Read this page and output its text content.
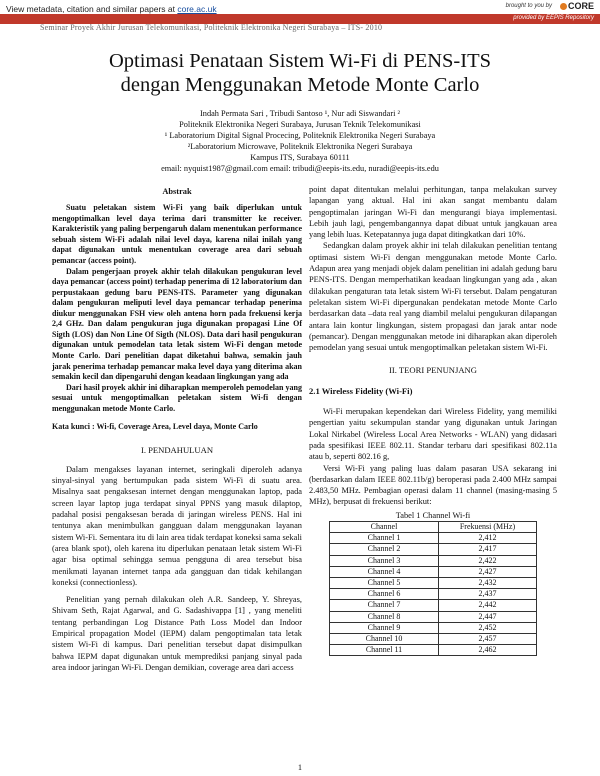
View metadata, citation and similar papers at core.ac.uk	brought to you by	CORE
provided by EEPIS Repository
Seminar Proyek Akhir Jurusan Telekomunikasi, Politeknik Elektronika Negeri Surabaya – ITS- 2010
Optimasi Penataan Sistem Wi-Fi di PENS-ITS
dengan Menggunakan Metode Monte Carlo
Indah Permata Sari , Tribudi Santoso ¹, Nur adi Siswandari ²
Politeknik Elektronika Negeri Surabaya, Jurusan Teknik Telekomunikasi
¹ Laboratorium Digital Signal Procecing, Politeknik Elektronika Negeri Surabaya
²Laboratorium Microwave, Politeknik Elektronika Negeri Surabaya
Kampus ITS, Surabaya 60111
email: nyquist1987@gmail.com email: tribudi@eepis-its.edu, nuradi@eepis-its.edu
Abstrak

Suatu peletakan sistem Wi-Fi yang baik diperlukan untuk mengoptimalkan level daya terima dari transmitter ke receiver. Karakteristik yang paling berpengaruh dalam menentukan performance sebuah sistem Wi-Fi adalah nilai level daya, karena nilai inilah yang dapat digunakan untuk menentukan coverage area dari sebuah pemancar (access point).

Dalam pengerjaan proyek akhir telah dilakukan pengukuran level daya pemancar (access point) terhadap penerima di 12 laboratorium dan perpustakaan gedung baru PENS-ITS. Parameter yang digunakan dalam pengukuran meliputi level daya pemancar terhadap penerima diukur menggunakan FSH view oleh antena horn pada frekuensi kerja 2,4 GHz. Dan dalam pengukuran juga digunakan propagasi Line Of Sigth (LOS) dan Non Line Of Sigth (NLOS). Data dari hasil pengukuran digunakan untuk pemodelan tata letak sistem Wi-Fi dengan metode Monte Carlo. Dari penelitian dapat diketahui bahwa, semakin jauh jarak penerima terhadap pemancar maka level daya yang diterima akan semakin kecil dan dipengaruhi dengan keadaan lingkungan yang ada

Dari hasil proyek akhir ini diharapkan memperoleh pemodelan yang sesuai untuk mengoptimalkan peletakan sistem Wi-fi dengan menggunakan metode Monte Carlo.

Kata kunci : Wi-fi, Coverage Area, Level daya, Monte Carlo
I. PENDAHULUAN

Dalam mengakses layanan internet, seringkali diperoleh adanya sinyal-sinyal yang bertumpukan pada sistem Wi-Fi di suatu area. Misalnya saat pengaksesan internet dengan menggunakan laptop, pada screen layar laptop juga terdapat sinyal PPNS yang masuk dilaptop, padahal posisi pengaksesan berada di jaringan wireless PENS. Hal ini tentunya akan menimbulkan gangguan dalam menggunakan layanan sistem Wi-Fi. Sementara itu di lain area tidak terdapat koneksi sama sekali (area blank spot), oleh karena itu diperlukan penataan letak sistem Wi-Fi agar bisa optimal sehingga semua pengguna di area tersebut bisa menikmati layanan internet tanpa ada gangguan dan tidak kehilangan koneksi (connectionless).

Penelitian yang pernah dilakukan oleh A.R. Sandeep, Y. Shreyas, Shivam Seth, Rajat Agarwal, and G. Sadashivappa [1] , yang meneliti tentang perbandingan Log Distance Path Loss Model dan Indoor Empirical propagation Model (IEPM) dalam pengoptimalan tata letak sistem Wi-Fi di kampus. Dari penelitian tersebut dapat disimpulkan bahwa IEPM dapat digunakan untuk memprediksi panjang sinyal pada area indoor jaringan Wi-Fi. Dengan demikian, coverage area dari access

point dapat ditentukan melalui perhitungan, tanpa melakukan survey lapangan yang aktual. Hal ini akan sangat membantu dalam pengoptimalan jaringan Wi-Fi dan mengurangi biaya implementasi. Lebih jauh lagi, pengembangannya dapat dibuat untuk jangkauan area yang lebih luas. Ketepatannya juga dapat ditingkatkan dari 10%.

Sedangkan dalam proyek akhir ini telah dilakukan penelitian tentang optimasi sistem Wi-Fi dengan menggunakan metode Monte Carlo. Adapun area yang menjadi objek dalam penelitian ini adalah gedung baru PENS-ITS. Dengan memperhatikan keadaan lingkungan yang ada , akan dilakukan pengaturan tata letak sistem Wi-Fi tersebut. Dalam pengaturan peletakan sistem Wi-Fi dipergunakan pendekatan metode Monte Carlo berdasarkan data –data real yang diambil melalui pengukuran dilapangan antara lain kontur lingkungan, sistem propagasi dan jarak antar node (pemancar). Dengan menggunakan metode ini diharapkan akan diperoleh pemodelan yang sesuai untuk mengoptimalkan peletakan sistem Wi-Fi.

II. TEORI PENUNJANG
2.1 Wireless Fidelity (Wi-Fi)

Wi-Fi merupakan kependekan dari Wireless Fidelity, yang memiliki pengertian yaitu sekumpulan standar yang digunakan untuk Jaringan Lokal Nirkabel (Wireless Local Area Networks - WLAN) yang didasari pada spesifikasi IEEE 802.11. Standar terbaru dari spesifikasi 802.11a atau b, seperti 802.16 g,

Versi Wi-Fi yang paling luas dalam pasaran USA sekarang ini (berdasarkan dalam IEEE 802.11b/g) beroperasi pada 2.400 MHz sampai 2.483,50 MHz. Pembagian operasi dalam 11 channel (masing-masing 5 MHz), berpusat di frekuensi berikut:

Tabel 1 Channel Wi-fi
Channel	Frekuensi (MHz)
Channel 1	2,412
Channel 2	2,417
Channel 3	2,422
Channel 4	2,427
Channel 5	2,432
Channel 6	2,437
Channel 7	2,442
Channel 8	2,447
Channel 9	2,452
Channel 10	2,457
Channel 11	2,462
1
